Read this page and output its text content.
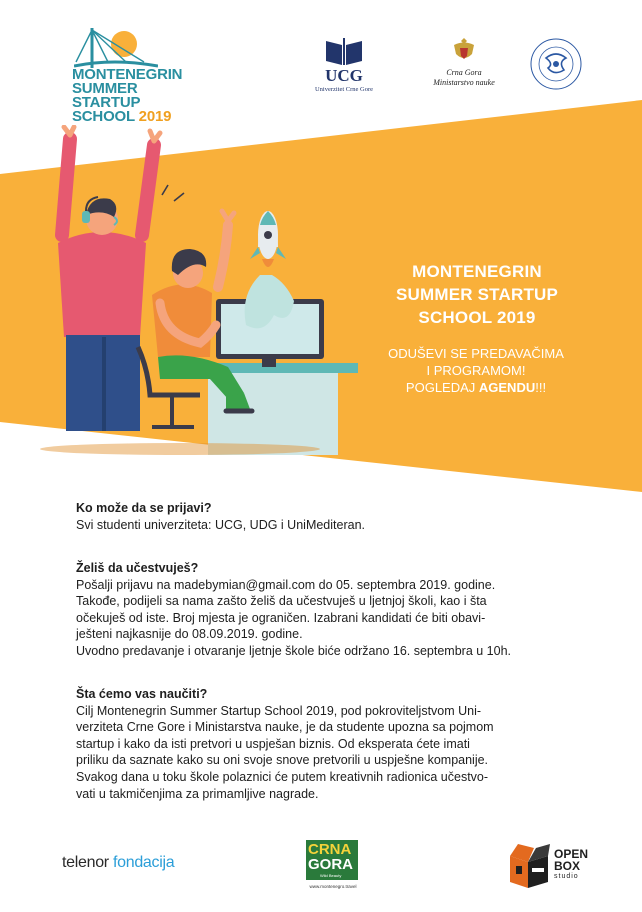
MONTENEGRIN
SUMMER STARTUP
SCHOOL 2019
UCG
Univerzitet Crne Gore
Crna Gora
Ministarstvo nauke
MONTENEGRIN
SUMMER STARTUP
SCHOOL 2019
ODUŠEVI SE PREDAVAČIMA
I PROGRAMOM!
POGLEDAJ AGENDU!!!

Ko može da se prijavi?

Svi studenti univerziteta: UCG, UDG i UniMediteran.

Želiš da učestvuješ?

Pošalji prijavu na madebymian@gmail.com do 05. septembra 2019. godine.

Takođe, podijeli sa nama zašto želiš da učestvuješ u ljetnjoj školi, kao i šta

očekuješ od iste. Broj mjesta je ograničen. Izabrani kandidati će biti obavi-

ješteni najkasnije do 08.09.2019. godine.

Uvodno predavanje i otvaranje ljetnje škole biće održano 16. septembra u 10h.

Šta ćemo vas naučiti?

Cilj Montenegrin Summer Startup School 2019, pod pokroviteljstvom Uni-

verziteta Crne Gore i Ministarstva nauke, je da studente upozna sa pojmom

startup i kako da isti pretvori u uspješan biznis. Od eksperata ćete imati

priliku da saznate kako su oni svoje snove pretvorili u uspješne kompanije.

Svakog dana u toku škole polaznici će putem kreativnih radionica učestvo-

vati u takmičenjima za primamljive nagrade.

telenor fondacija
CRNA
GORA
Wild Beauty
www.montenegro.travel
OPEN
BOX
studio
